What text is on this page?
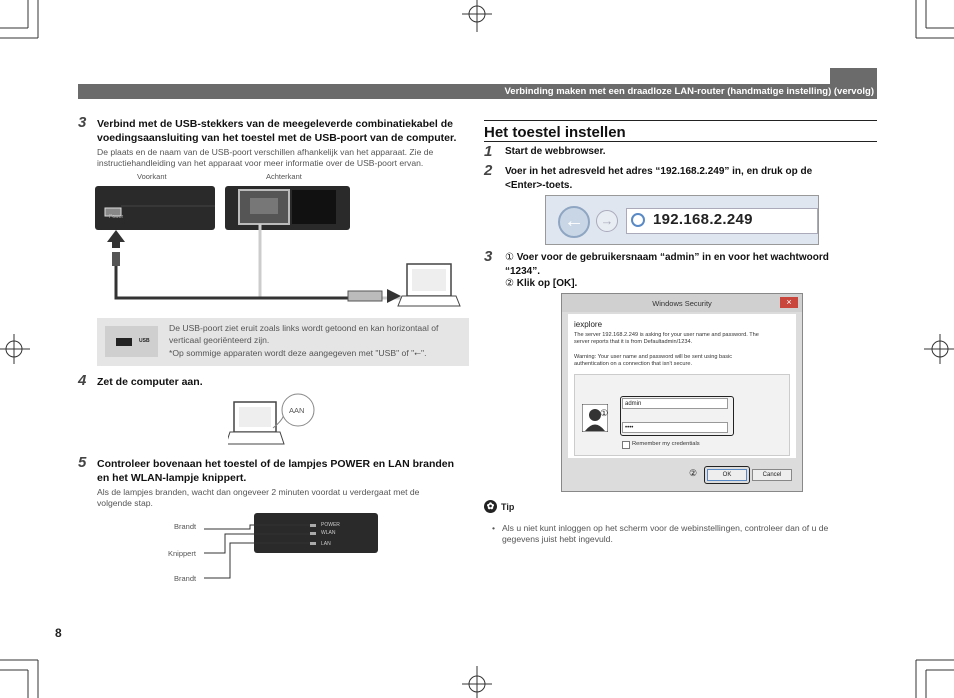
Verbinding maken met een draadloze LAN-router (handmatige instelling) (vervolg)
3 Verbind met de USB-stekkers van de meegeleverde combinatiekabel de
voedingsaansluiting van het toestel met de USB-poort van de computer.
De plaats en de naam van de USB-poort verschillen afhankelijk van het apparaat. Zie de
instructiehandleiding van het apparaat voor meer informatie over de USB-poort ervan.
Voorkant	Achterkant
Power
USB
De USB-poort ziet eruit zoals links wordt getoond en kan horizontaal of
verticaal georiënteerd zijn.
*Op sommige apparaten wordt deze aangegeven met "USB" of "⭠".
4 Zet de computer aan.
AAN
5 Controleer bovenaan het toestel of de lampjes POWER en LAN branden
en het WLAN-lampje knippert.
Als de lampjes branden, wacht dan ongeveer 2 minuten voordat u verdergaat met de
volgende stap.
Brandt
Knippert
Brandt
POWER
WLAN
LAN
8
Het toestel instellen
1 Start de webbrowser.
2 Voer in het adresveld het adres “192.168.2.249” in, en druk op de
<Enter>-toets.
←	→	192.168.2.249
3 ① Voer voor de gebruikersnaam “admin” in en voor het wachtwoord
“1234”.
② Klik op [OK].
Windows Security	×
iexplore
The server 192.168.2.249 is asking for your user name and password. The
server reports that it is from Defaultadmin/1234.
Warning: Your user name and password will be sent using basic
authentication on a connection that isn't secure.
①
admin
••••
Remember my credentials
②	OK	Cancel
✿ Tip
• Als u niet kunt inloggen op het scherm voor de webinstellingen, controleer dan of u de
gegevens juist hebt ingevuld.
